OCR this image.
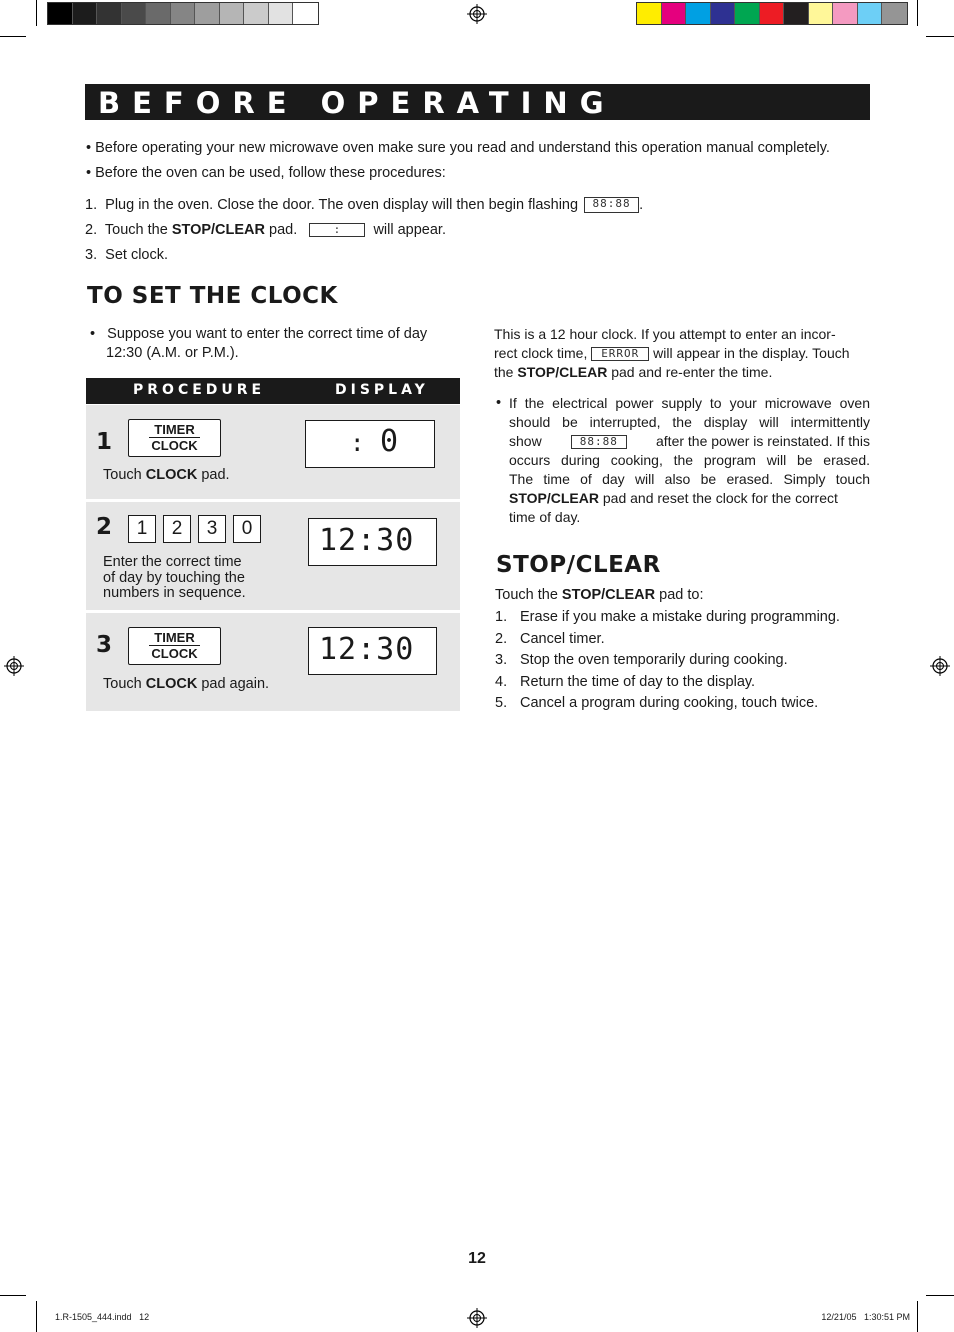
BEFORE OPERATING
• Before operating your new microwave oven make sure you read and understand this operation manual completely.
• Before the oven can be used, follow these procedures:
1. Plug in the oven. Close the door. The oven display will then begin flashing 88:88 .
2. Touch the STOP/CLEAR pad.	: will appear.
3. Set clock.
TO SET THE CLOCK
•   Suppose you want to enter the correct time of day
12:30 (A.M. or P.M.).
PROCEDURE	DISPLAY
1	TIMER
CLOCK
Touch CLOCK pad.
: 0
2	1	2	3	0
Enter the correct time
of day by touching the
numbers in sequence.
12:30
3	TIMER
CLOCK
Touch CLOCK pad again.
12:30
This is a 12 hour clock. If you attempt to enter an incor-
rect clock time, ERROR will appear in the display. Touch
the STOP/CLEAR pad and re-enter the time.
• If the electrical power supply to your microwave oven
should be interrupted, the display will intermittently
show	88:88	after the power is reinstated. If this
occurs during cooking, the program will be erased.
The time of day will also be erased. Simply touch
STOP/CLEAR pad and reset the clock for the correct
time of day.
STOP/CLEAR
Touch the STOP/CLEAR pad to:
1. Erase if you make a mistake during programming.
2. Cancel timer.
3. Stop the oven temporarily during cooking.
4. Return the time of day to the display.
5. Cancel a program during cooking, touch twice.
12
1.R-1505_444.indd   12	12/21/05   1:30:51 PM
